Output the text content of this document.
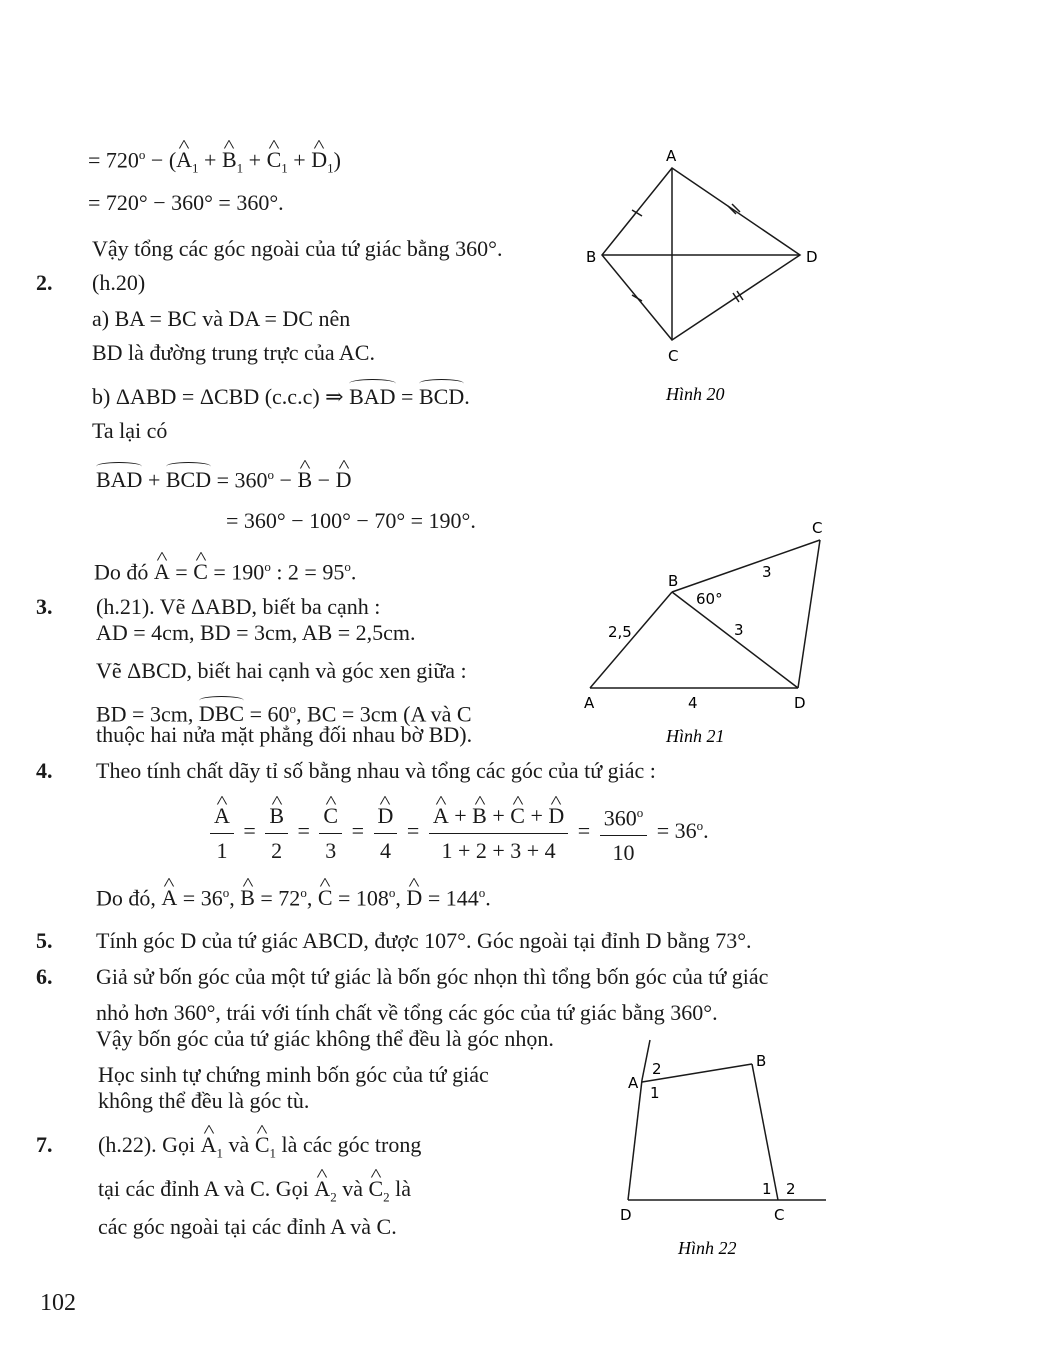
= $720^o$ − (^ $A_1$ + ^ $B_1$ + ^ $C_1$ + ^ $D_1$)
= 720° − 360° = 360°.
Vậy tổng các góc ngoài của tứ giác bằng 360°.
2. (h.20)
a) BA = BC và DA = DC nên
BD là đường trung trực của AC.
b) ΔABD = ΔCBD (c.c.c) ⇒ BAD = BCD.
Ta lại có
BAD + BCD = $360^o$ − ^ B − ^ D
= 360° − 100° − 70° = 190°.
Do đó ^ A = ^ $C = 190^o$ : $2 = 95^o$.
3. (h.21). Vẽ ΔABD, biết ba cạnh :
AD = 4cm, BD = 3cm, AB = 2,5cm.
Vẽ ΔBCD, biết hai cạnh và góc xen giữa :
BD = 3cm, DBC = $60^o$, BC = 3cm (A và C
thuộc hai nửa mặt phẳng đối nhau bờ BD).
4. Theo tính chất dãy tỉ số bằng nhau và tổng các góc của tứ giác :
^ $\frac{A}{1}$ = ^ $\frac{B}{2}$ = ^ $\frac{C}{3}$ = ^ $\frac{D}{4}$ = ^ $\frac{A + \^{} B + \^{} C + \^{} D}{1 + 2 + 3 + 4} = \frac{360^o}{10} = 36^o$.
Do đó, ^ $A = 36^o$, ^ $B = 72^o$, ^ $C = 108^o$, ^ $D = 144^o$.
5. Tính góc D của tứ giác ABCD, được 107°. Góc ngoài tại đỉnh D bằng 73°.
6. Giả sử bốn góc của một tứ giác là bốn góc nhọn thì tổng bốn góc của tứ giác
nhỏ hơn 360°, trái với tính chất về tổng các góc của tứ giác bằng 360°.
Vậy bốn góc của tứ giác không thể đều là góc nhọn.
Học sinh tự chứng minh bốn góc của tứ giác
không thể đều là góc tù.
7. (h.22). Gọi ^ $A_1$ và ^ $C_1$ là các góc trong
tại các đỉnh A và C. Gọi ^ $A_2$ và ^ $C_2$ là
các góc ngoài tại các đỉnh A và C.
102
A
B
C
D
Hình 20
A
B
C
D
2,5	3
3
4
60°
Hình 21
A
B
C
D
1
2
1 2
Hình 22
